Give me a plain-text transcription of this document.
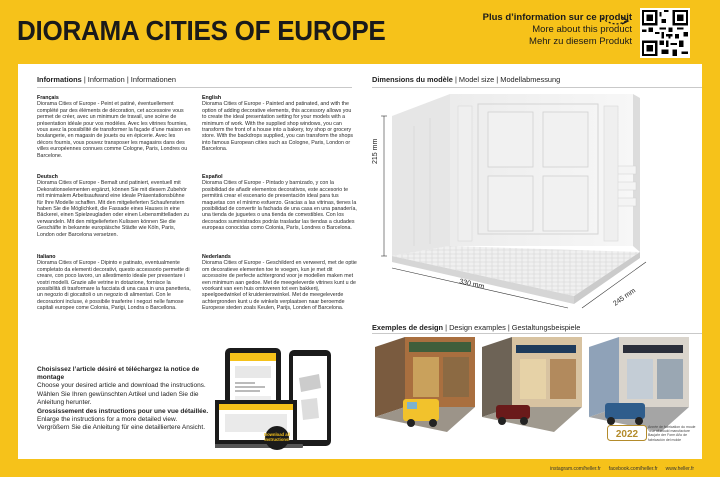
DIORAMA CITIES OF EUROPE	Plus d’information sur ce produit
More about this product
Mehr zu diesem Produkt
instagram.com/heller.fr facebook.com/heller.fr www.heller.fr
Informations | Information | Informationen
Français
Diorama Cities of Europe - Peint et patiné, éventuellement complété par des éléments de décoration, cet accessoire vous permet de créer, avec un minimum de travail, une scène de présentation idéale pour vos modèles. Avec les vitrines fournies, vous avez la possibilité de transformer la façade d’une maison en boulangerie, en magasin de jouets ou en épicerie. Avec les décors fournis, vous pouvez transposer les magasins dans des villes européennes connues comme Cologne, Paris, Londres ou Barcelone.
English
Diorama Cities of Europe - Painted and patinated, and with the option of adding decorative elements, this accessory allows you to create the ideal presentation setting for your models with a minimum of work. With the supplied shop windows, you can transform the front of a house into a bakery, toy shop or grocery store. With the backdrops supplied, you can transform the shops into famous European cities such as Cologne, Paris, London or Barcelona.
Deutsch
Diorama Cities of Europe - Bemalt und patiniert, eventuell mit Dekorationselementen ergänzt, können Sie mit diesem Zubehör mit minimalem Arbeitsaufwand eine ideale Präsentationsbühne für Ihre Modelle schaffen. Mit den mitgelieferten Schaufenstern haben Sie die Möglichkeit, die Fassade eines Hauses in eine Bäckerei, einen Spielzeugladen oder einen Lebensmittelladen zu verwandeln. Mit den mitgelieferten Kulissen können Sie die Geschäfte in bekannte europäische Städte wie Köln, Paris, London oder Barcelona versetzen.
Español
Diorama Cities of Europe - Pintado y barnizado, y con la posibilidad de añadir elementos decorativos, este accesorio te permitirá crear el escenario de presentación ideal para tus maquetas con el mínimo esfuerzo. Gracias a las vitrinas, tienes la posibilidad de convertir la fachada de una casa en una panadería, una tienda de juguetes o una tienda de comestibles. Con los decorados suministrados podrás trasladar las tiendas a ciudades europeas conocidas como Colonia, París, Londres o Barcelona.
Italiano
Diorama Cities of Europe - Dipinto e patinato, eventualmente completato da elementi decorativi, questo accessorio permette di creare, con poco lavoro, un allestimento ideale per presentare i vostri modelli. Grazie alle vetrine in dotazione, fornisce la possibilità di trasformare la facciata di una casa in una panetteria, un negozio di giocattoli o un negozio di alimentari. Con le decorazioni incluse, è possibile trasferire i negozi nelle famose capitali europee come Colonia, Parigi, Londra o Barcellona.
Nederlands
Diorama Cities of Europe - Geschilderd en verweerd, met de optie om decoratieve elementen toe te voegen, kun je met dit accessoire de perfecte achtergrond voor je modellen maken met een minimum aan gedoe. Met de meegeleverde vitrines kunt u de voorkant van een huis omtoveren tot een bakkerij, speelgoedwinkel of kruidenierswinkel. Met de meegeleverde achtergronden kunt u de winkels verplaatsen naar beroemde Europese steden zoals Keulen, Parijs, Londen of Barcelona.
Choisissez l’article désiré et téléchargez la notice de montage
Choose your desired article and download the instructions.
Wählen Sie Ihren gewünschten Artikel und laden Sie die
Anleitung herunter.
Grossissement des instructions pour une vue détaillée.
Enlarge the instructions for a more detailed view.
Vergrößern Sie die Anleitung für eine detailliertere Ansicht.
Download all
instructions!
Dimensions du modèle | Model size | Modellabmessung
215 mm
330 mm
245 mm
Exemples de design | Design examples | Gestaltungsbeispiele
2022
Année de fabrication du moule Year of mould manufacture Baujahr der Form Año de fabricación del molde
